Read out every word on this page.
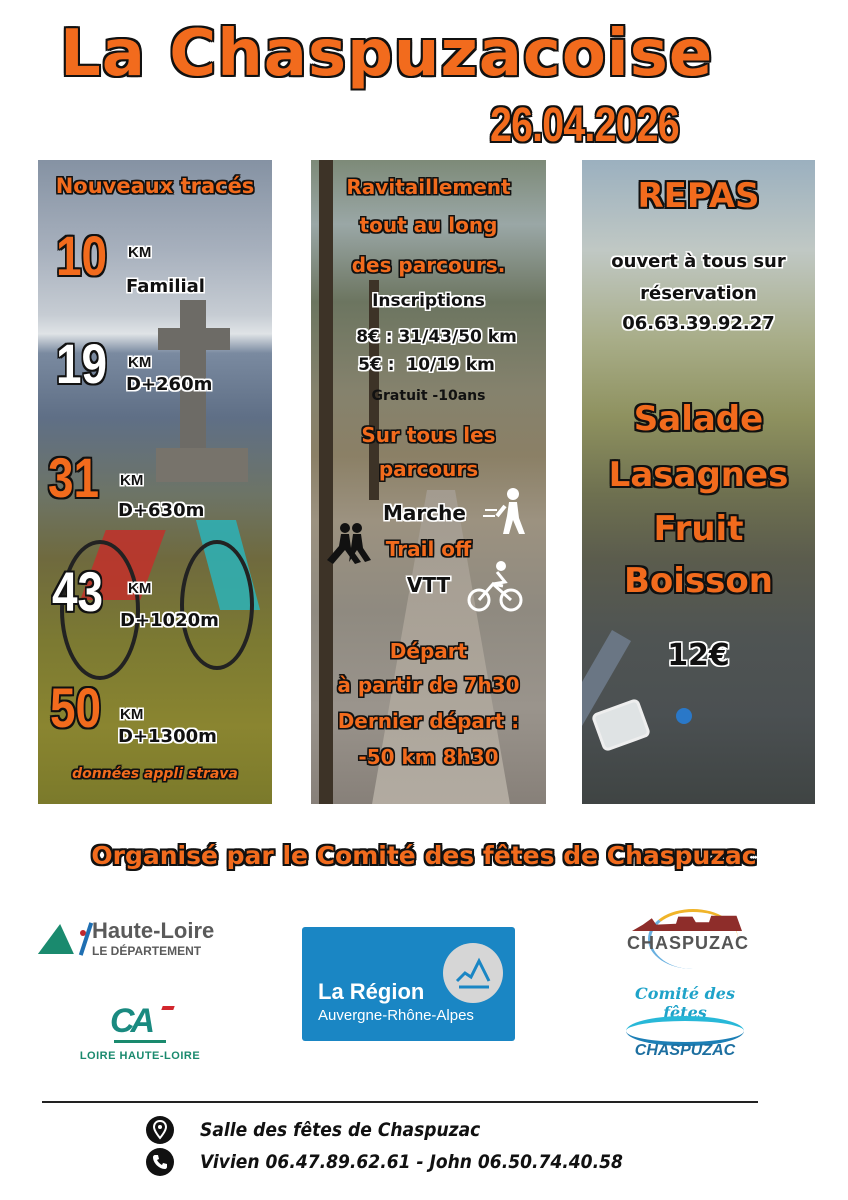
La Chaspuzacoise
26.04.2026
Nouveaux tracés
10 KM
Familial
19 KM
D+260m
31 KM
D+630m
43 KM
D+1020m
50 KM
D+1300m
données appli strava
Ravitaillement
tout au long
des parcours.
Inscriptions
8€ : 31/43/50 km
5€ :  10/19 km
Gratuit -10ans
Sur tous les
parcours
Marche
Trail off
VTT
Départ
à partir de 7h30
Dernier départ :
-50 km 8h30
REPAS
ouvert à tous sur
réservation
06.63.39.92.27
Salade
Lasagnes
Fruit
Boisson
12€
Organisé par le Comité des fêtes de Chaspuzac
Haute-Loire
LE DÉPARTEMENT
CA
LOIRE HAUTE-LOIRE
La Région
Auvergne-Rhône-Alpes
CHASPUZAC
Comité des fêtes
CHASPUZAC
Salle des fêtes de Chaspuzac
Vivien 06.47.89.62.61 - John 06.50.74.40.58
